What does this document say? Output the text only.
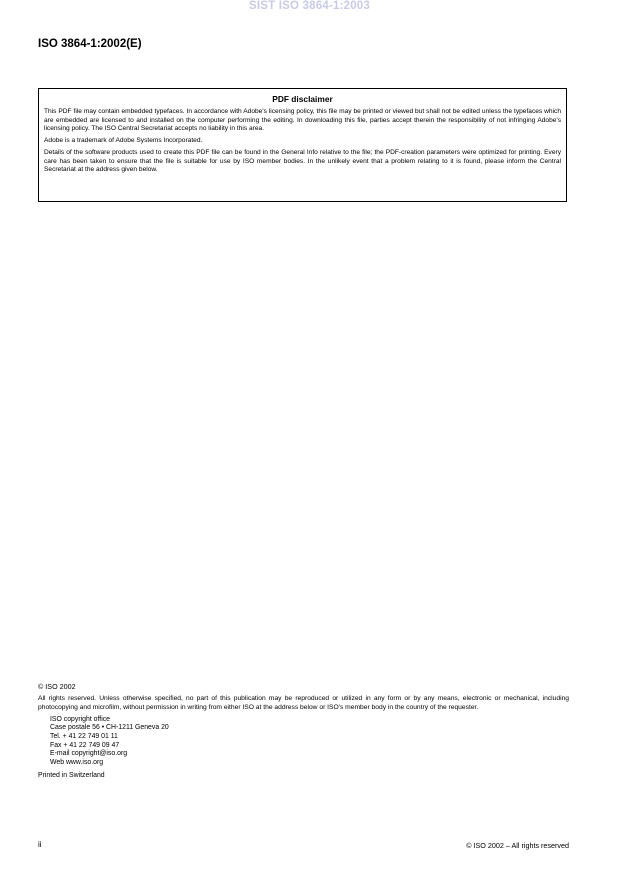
SIST ISO 3864-1:2003
ISO 3864-1:2002(E)
PDF disclaimer

This PDF file may contain embedded typefaces. In accordance with Adobe's licensing policy, this file may be printed or viewed but shall not be edited unless the typefaces which are embedded are licensed to and installed on the computer performing the editing. In downloading this file, parties accept therein the responsibility of not infringing Adobe's licensing policy. The ISO Central Secretariat accepts no liability in this area.

Adobe is a trademark of Adobe Systems Incorporated.

Details of the software products used to create this PDF file can be found in the General Info relative to the file; the PDF-creation parameters were optimized for printing. Every care has been taken to ensure that the file is suitable for use by ISO member bodies. In the unlikely event that a problem relating to it is found, please inform the Central Secretariat at the address given below.

© ISO 2002

All rights reserved. Unless otherwise specified, no part of this publication may be reproduced or utilized in any form or by any means, electronic or mechanical, including photocopying and microfilm, without permission in writing from either ISO at the address below or ISO's member body in the country of the requester.

ISO copyright office
Case postale 56 • CH-1211 Geneva 20
Tel. + 41 22 749 01 11
Fax + 41 22 749 09 47
E-mail copyright@iso.org
Web www.iso.org
Printed in Switzerland
ii	© ISO 2002 – All rights reserved
